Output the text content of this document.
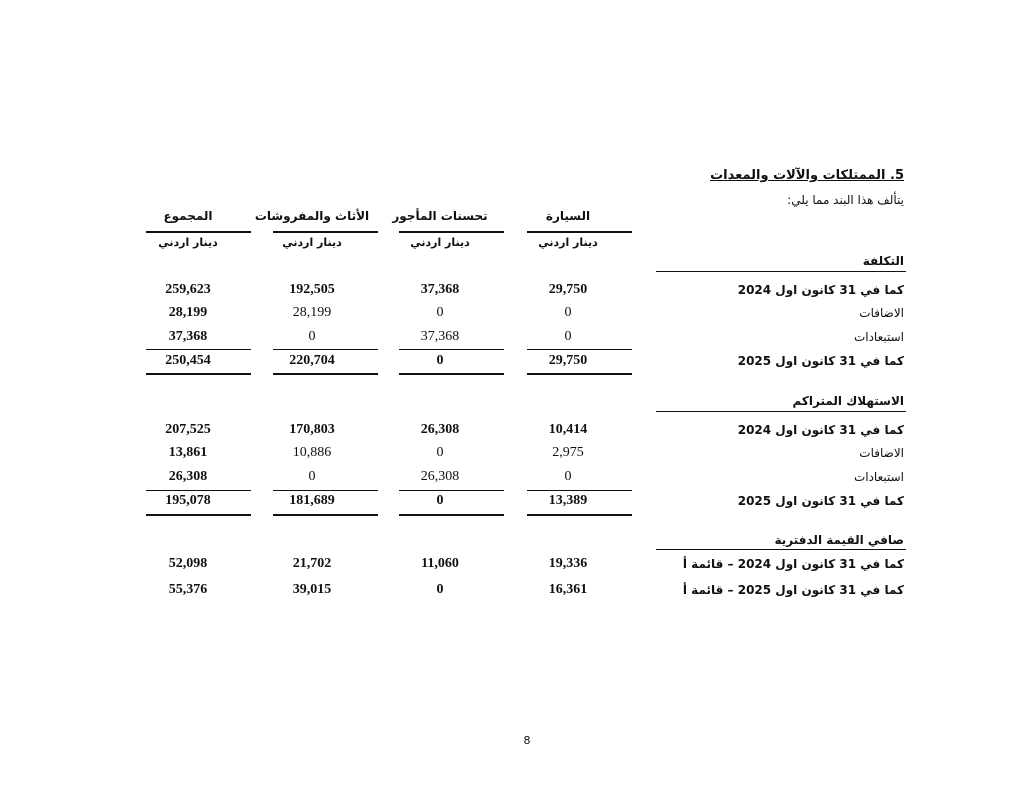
5. الممتلكات والآلات والمعدات
يتألف هذا البند مما يلي:
السيارة
تحسنات المأجور
الأثاث والمفروشات
المجموع
دينار اردني
دينار اردني
دينار اردني
دينار اردني
التكلفة
كما في 31 كانون اول 2024
29,750
37,368
192,505
259,623
الاضافات
0
0
28,199
28,199
استبعادات
0
37,368
0
37,368
كما في 31 كانون اول 2025
29,750
0
220,704
250,454
الاستهلاك المتراكم
كما في 31 كانون اول 2024
10,414
26,308
170,803
207,525
الاضافات
2,975
0
10,886
13,861
استبعادات
0
26,308
0
26,308
كما في 31 كانون اول 2025
13,389
0
181,689
195,078
صافي القيمة الدفترية
كما في 31 كانون اول 2024 – قائمة أ
19,336
11,060
21,702
52,098
كما في 31 كانون اول 2025 – قائمة أ
16,361
0
39,015
55,376
8
